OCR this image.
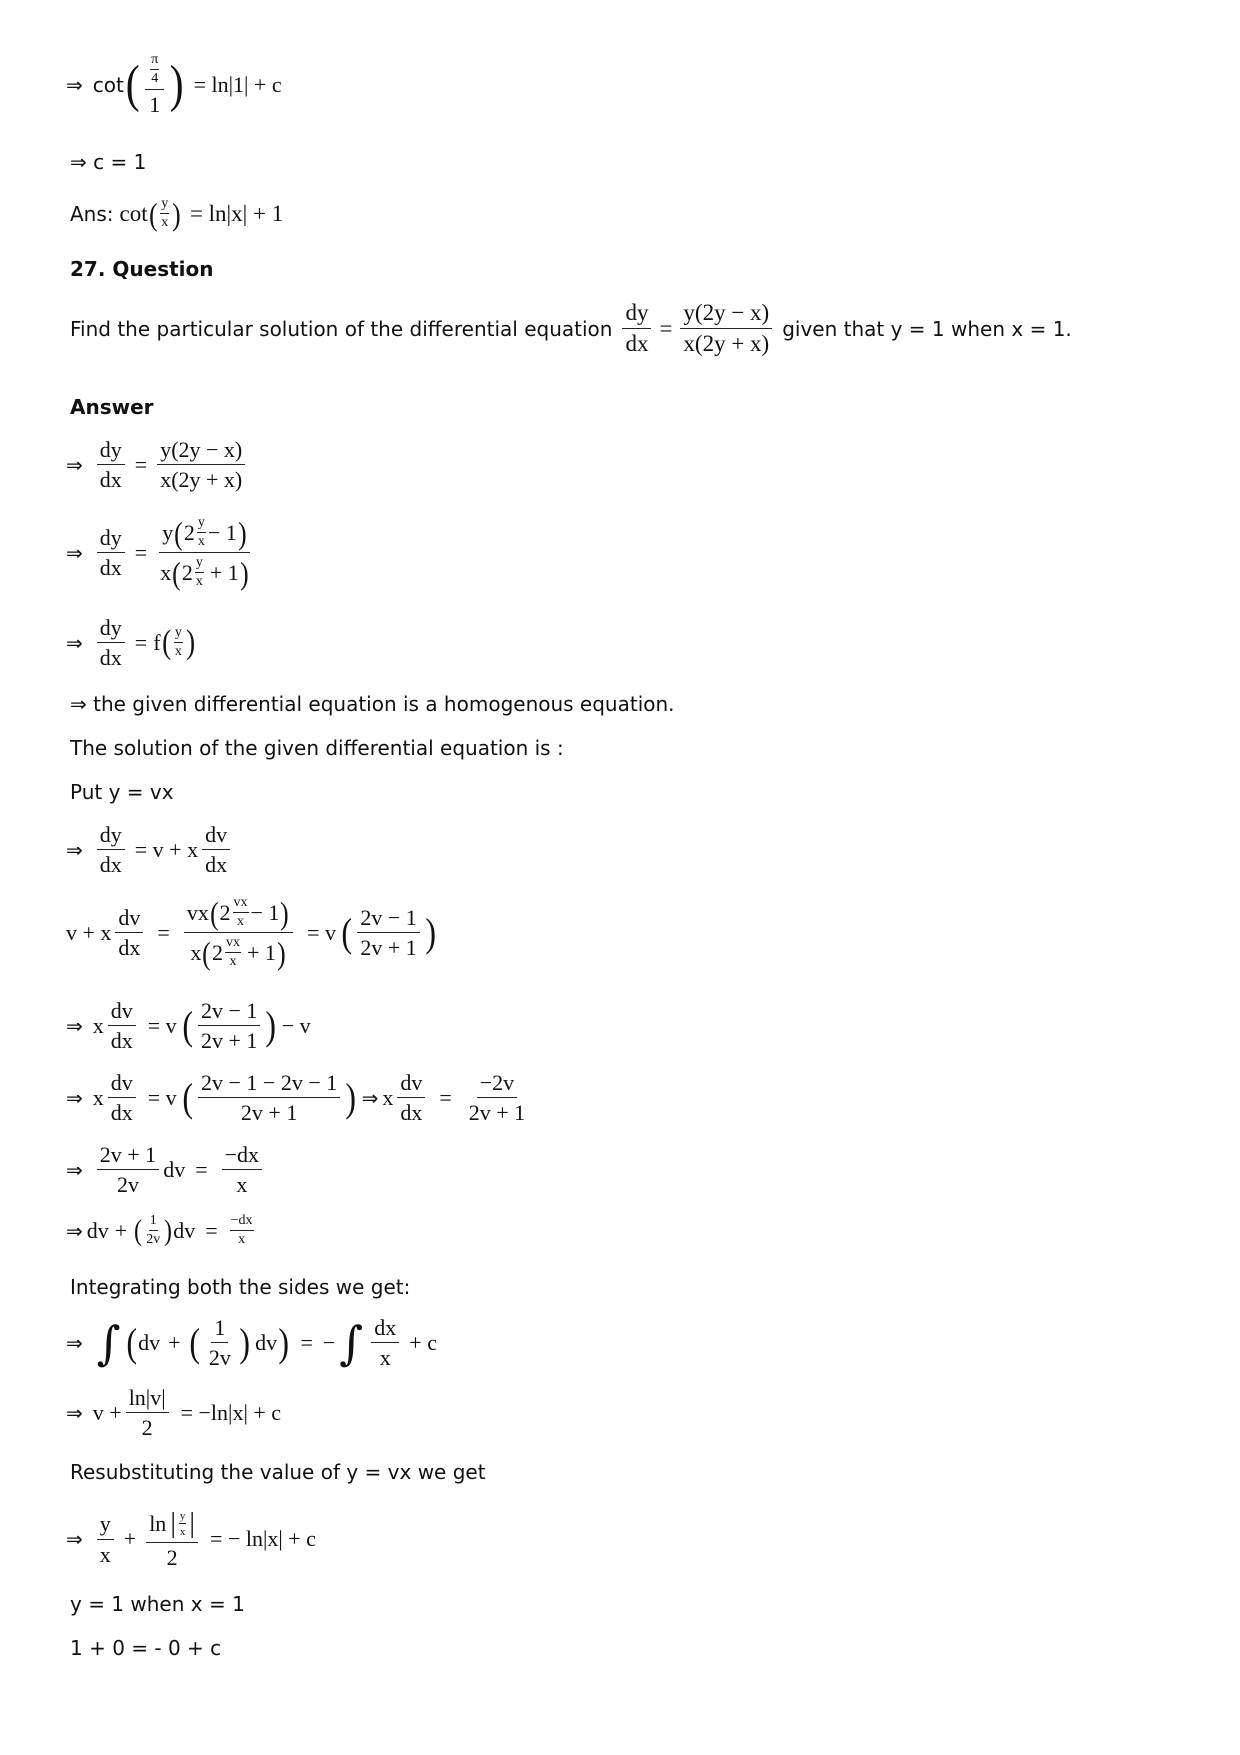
⇒ cot ( $\frac{\frac{\pi}{4}}{1}$ ) = ln|1| + c
⇒ c = 1
Ans: cot ( $\frac{y}{x}$ ) = ln|x| + 1
27. Question
Find the particular solution of the differential equation $\frac{dy}{dx} = \frac{y(2y - x)}{x(2y + x)}$ given that y = 1 when x = 1.
Answer
⇒ $\frac{dy}{dx} = \frac{y(2y - x)}{x(2y + x)}$
⇒ $\frac{dy}{dx} = \frac{y ( 2 \frac{y}{x} - 1 )}{x ( 2 \frac{y}{x} + 1 )}$
⇒ $\frac{dy}{dx} = f$ ( $\frac{y}{x}$ )
⇒ the given differential equation is a homogenous equation.
The solution of the given differential equation is :
Put y = vx
⇒ $\frac{dy}{dx} = v + x \frac{dv}{dx}$
v + x $\frac{dv}{dx} = \frac{vx ( 2 \frac{vx}{x} - 1 )}{x ( 2 \frac{vx}{x} + 1 )} = v$ ( $\frac{2v - 1}{2v + 1}$ )
⇒ x $\frac{dv}{dx} = v$ ( $\frac{2v - 1}{2v + 1}$ ) − v
⇒ x $\frac{dv}{dx} = v$ ( $\frac{2v - 1 - 2v - 1}{2v + 1}$ ) ⇒ x $\frac{dv}{dx} = \frac{-2v}{2v + 1}$
⇒ $\frac{2v + 1}{2v}$ dv = $\frac{-dx}{x}$
⇒ dv + ( $\frac{1}{2v}$ ) dv = $\frac{-dx}{x}$
Integrating both the sides we get:
⇒ ∫ ( dv + ( $\frac{1}{2v}$ ) dv ) = − ∫ $\frac{dx}{x} + c$
⇒ $v + \frac{\ln|v|}{2} = -\ln|x| + c$
Resubstituting the value of y = vx we get
⇒ $\frac{y}{x} + \frac{\ln | \frac{y}{x} |}{2}$ = − ln|x| + c
y = 1 when x = 1
1 + 0 = - 0 + c
